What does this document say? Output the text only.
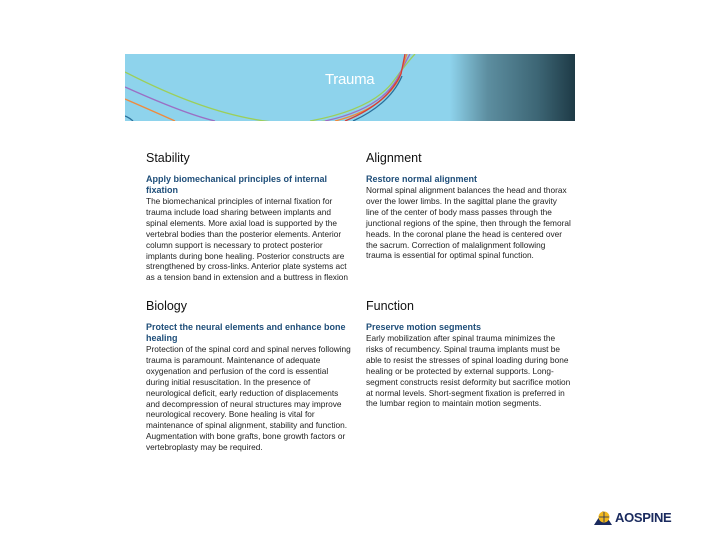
Trauma
Stability
Apply biomechanical principles of internal fixation

The biomechanical principles of internal fixation for trauma include load sharing between implants and spinal elements. More axial load is supported by the vertebral bodies than the posterior elements. Anterior column support is necessary to protect posterior implants during bone healing. Posterior constructs are strengthened by cross-links. Anterior plate systems act as a tension band in extension and a buttress in flexion

Alignment
Restore normal alignment

Normal spinal alignment balances the head and thorax over the lower limbs. In the sagittal plane the gravity line of the center of body mass passes through the junctional regions of the spine, then through the femoral heads. In the coronal plane the head is centered over the sacrum. Correction of malalignment following trauma is essential for optimal spinal function.

Biology
Protect the neural elements and enhance bone healing

Protection of the spinal cord and spinal nerves following trauma is paramount. Maintenance of adequate oxygenation and perfusion of the cord is essential during initial resuscitation. In the presence of neurological deficit, early reduction of displacements and decompression of neural structures may improve neurological recovery. Bone healing is vital for maintenance of spinal alignment, stability and function. Augmentation with bone grafts, bone growth factors or vertebroplasty may be required.

Function
Preserve motion segments

Early mobilization after spinal trauma minimizes the risks of recumbency. Spinal trauma implants must be able to resist the stresses of spinal loading during bone healing or be protected by external supports. Long-segment constructs resist deformity but sacrifice motion at normal levels. Short-segment fixation is preferred in the lumbar region to maintain motion segments.

AOSPINE
